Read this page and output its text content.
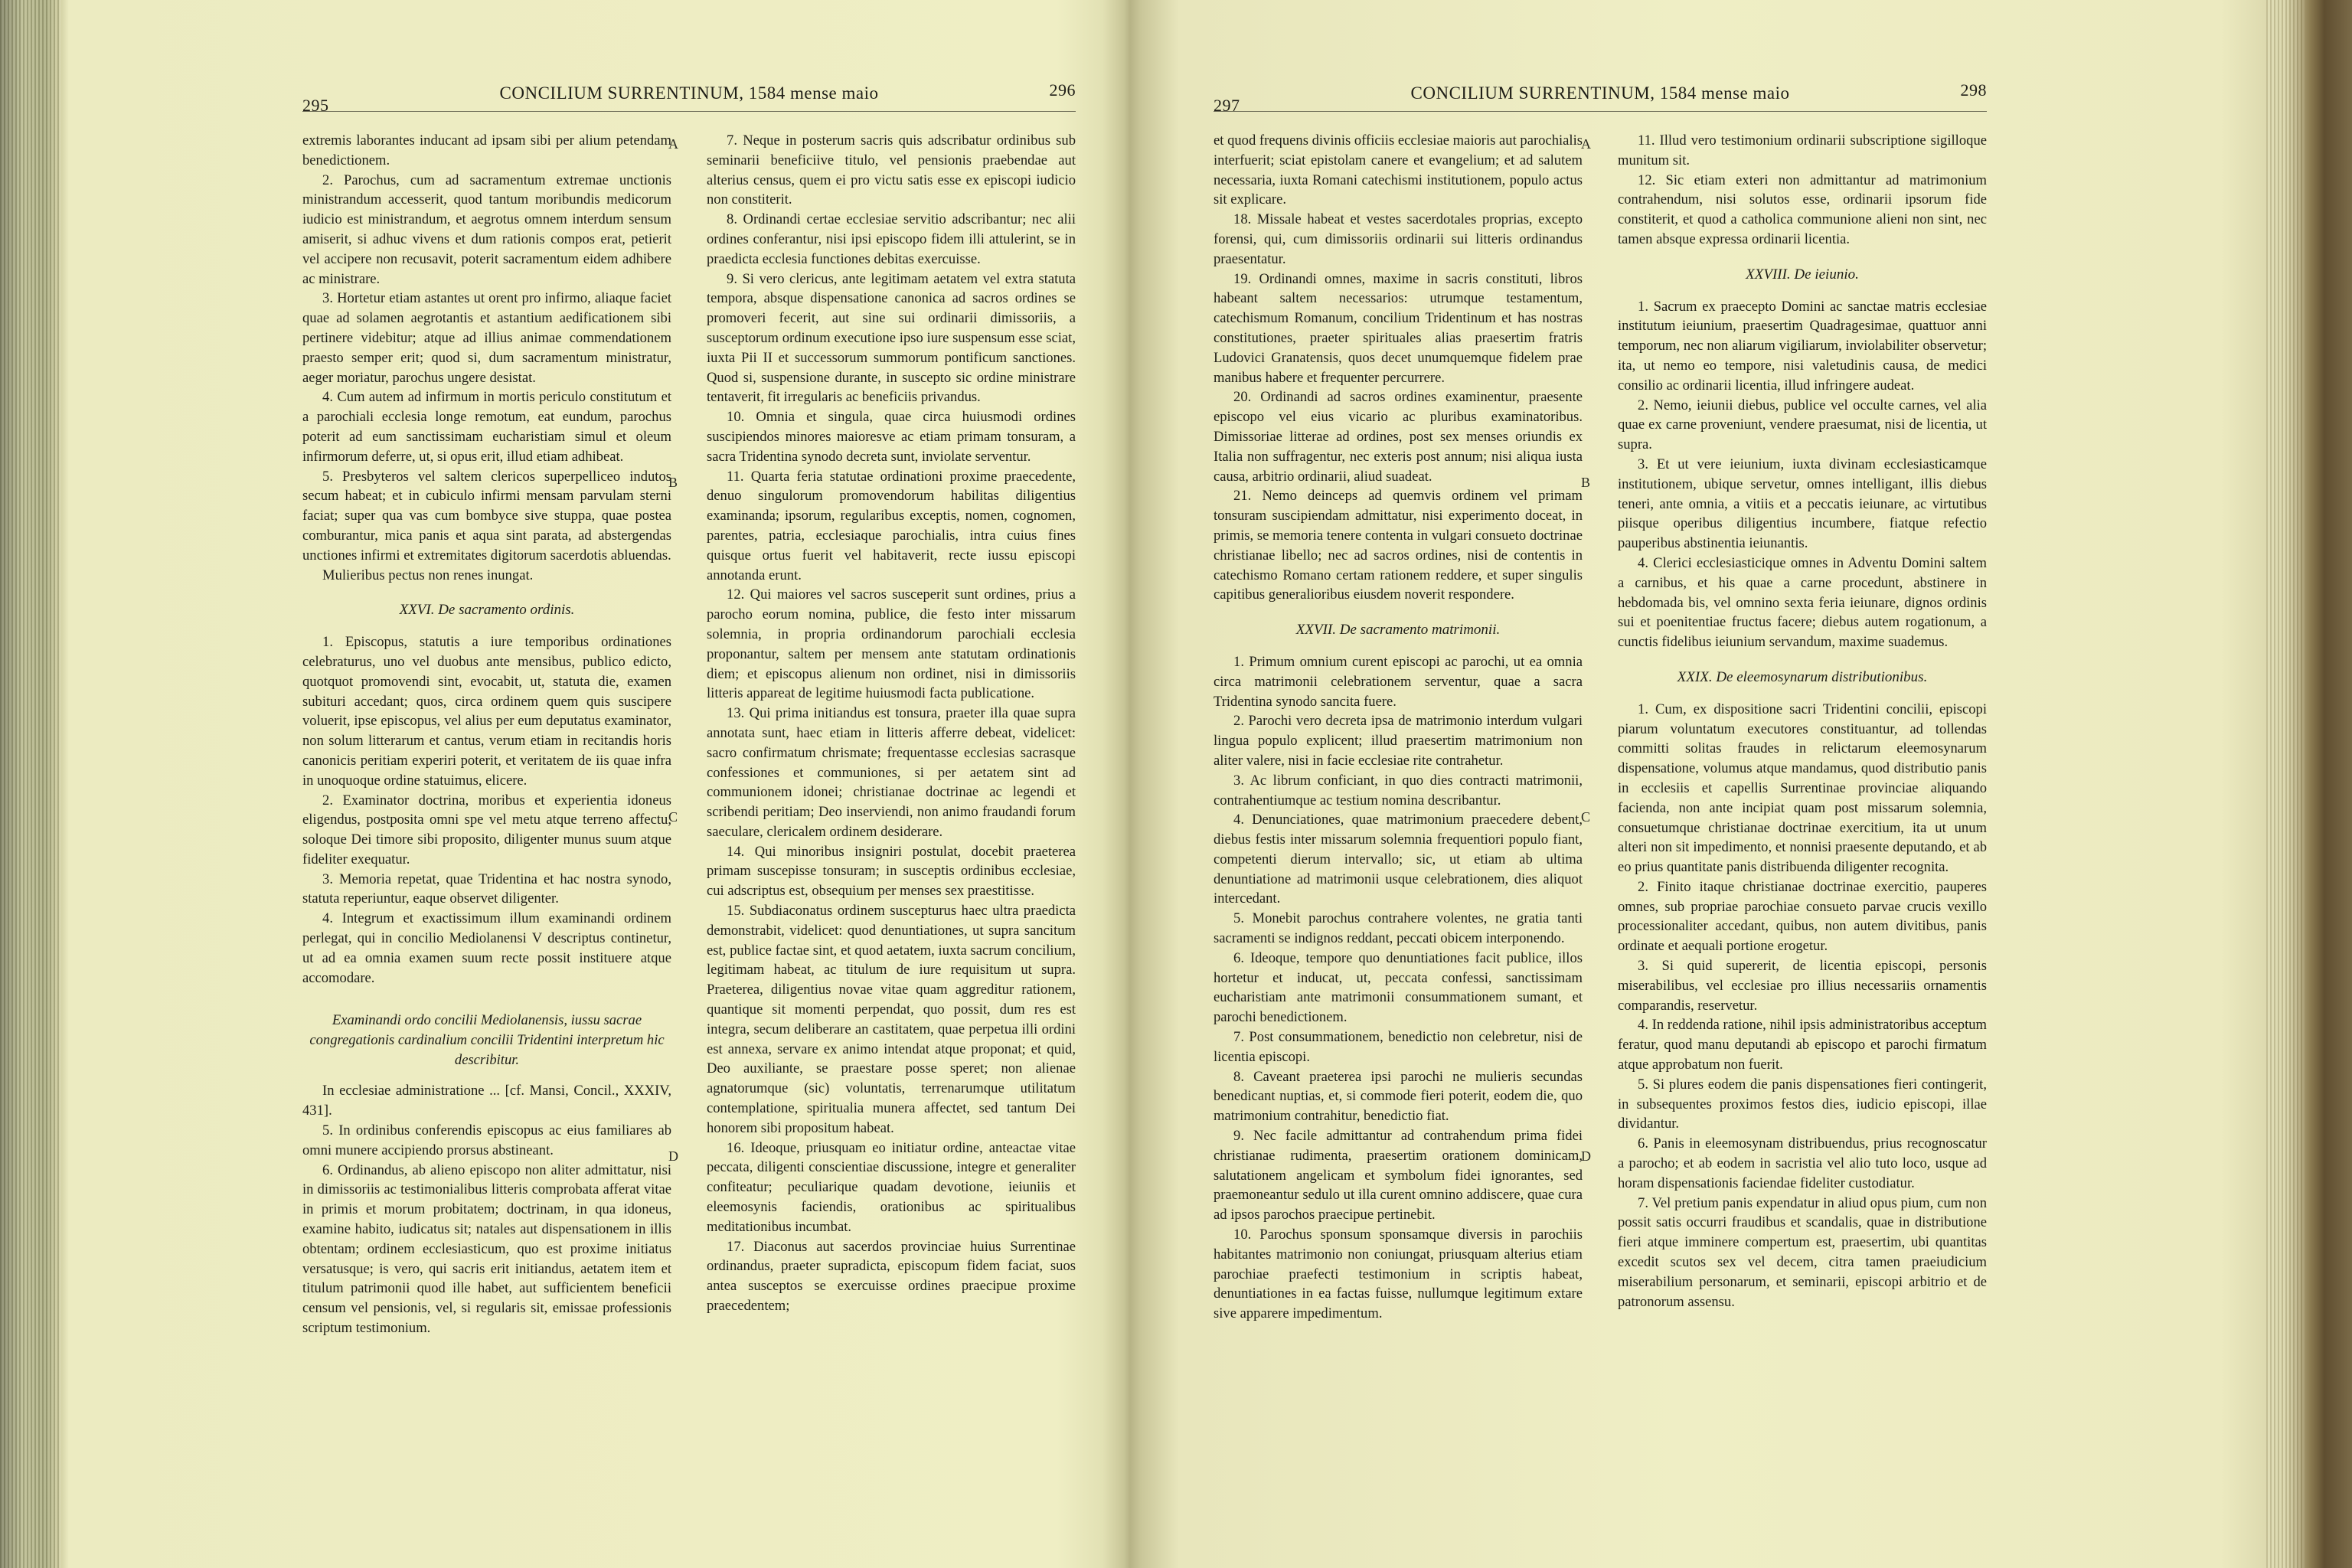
295
CONCILIUM SURRENTINUM, 1584 mense maio	296

extremis laborantes inducant ad ipsam sibi per alium petendam benedictionem.

2. Parochus, cum ad sacramentum extremae unctionis ministrandum accesserit, quod tantum moribundis medicorum iudicio est ministrandum, et aegrotus omnem interdum sensum amiserit, si adhuc vivens et dum rationis compos erat, petierit vel accipere non recusavit, poterit sacramentum eidem adhibere ac ministrare.

3. Hortetur etiam astantes ut orent pro infirmo, aliaque faciet quae ad solamen aegrotantis et astantium aedificationem sibi pertinere videbitur; atque ad illius animae commendationem praesto semper erit; quod si, dum sacramentum ministratur, aeger moriatur, parochus ungere desistat.

4. Cum autem ad infirmum in mortis periculo constitutum et a parochiali ecclesia longe remotum, eat eundum, parochus poterit ad eum sanctissimam eucharistiam simul et oleum infirmorum deferre, ut, si opus erit, illud etiam adhibeat.

5. Presbyteros vel saltem clericos superpelliceo indutos secum habeat; et in cubiculo infirmi mensam parvulam sterni faciat; super qua vas cum bombyce sive stuppa, quae postea comburantur, mica panis et aqua sint parata, ad abstergendas unctiones infirmi et extremitates digitorum sacerdotis abluendas.

Mulieribus pectus non renes inungat.

XXVI. De sacramento ordinis.

1. Episcopus, statutis a iure temporibus ordinationes celebraturus, uno vel duobus ante mensibus, publico edicto, quotquot promovendi sint, evocabit, ut, statuta die, examen subituri accedant; quos, circa ordinem quem quis suscipere voluerit, ipse episcopus, vel alius per eum deputatus examinator, non solum litterarum et cantus, verum etiam in recitandis horis canonicis peritiam experiri poterit, et veritatem de iis quae infra in unoquoque ordine statuimus, elicere.

2. Examinator doctrina, moribus et experientia idoneus eligendus, postposita omni spe vel metu atque terreno affectu, soloque Dei timore sibi proposito, diligenter munus suum atque fideliter exequatur.

3. Memoria repetat, quae Tridentina et hac nostra synodo, statuta reperiuntur, eaque observet diligenter.

4. Integrum et exactissimum illum examinandi ordinem perlegat, qui in concilio Mediolanensi V descriptus continetur, ut ad ea omnia examen suum recte possit instituere atque accomodare.

Examinandi ordo concilii Mediolanensis, iussu sacrae congregationis cardinalium concilii Tridentini interpretum hic describitur.

In ecclesiae administratione ... [cf. Mansi, Concil., XXXIV, 431].

5. In ordinibus conferendis episcopus ac eius familiares ab omni munere accipiendo prorsus abstineant.

6. Ordinandus, ab alieno episcopo non aliter admittatur, nisi in dimissoriis ac testimonialibus litteris comprobata afferat vitae in primis et morum probitatem; doctrinam, in qua idoneus, examine habito, iudicatus sit; natales aut dispensationem in illis obtentam; ordinem ecclesiasticum, quo est proxime initiatus versatusque; is vero, qui sacris erit initiandus, aetatem item et titulum patrimonii quod ille habet, aut sufficientem beneficii censum vel pensionis, vel, si regularis sit, emissae professionis scriptum testimonium.

7. Neque in posterum sacris quis adscribatur ordinibus sub seminarii beneficiive titulo, vel pensionis praebendae aut alterius census, quem ei pro victu satis esse ex episcopi iudicio non constiterit.

8. Ordinandi certae ecclesiae servitio adscribantur; nec alii ordines conferantur, nisi ipsi episcopo fidem illi attulerint, se in praedicta ecclesia functiones debitas exercuisse.

9. Si vero clericus, ante legitimam aetatem vel extra statuta tempora, absque dispensatione canonica ad sacros ordines se promoveri fecerit, aut sine sui ordinarii dimissoriis, a susceptorum ordinum executione ipso iure suspensum esse sciat, iuxta Pii II et successorum summorum pontificum sanctiones. Quod si, suspensione durante, in suscepto sic ordine ministrare tentaverit, fit irregularis ac beneficiis privandus.

10. Omnia et singula, quae circa huiusmodi ordines suscipiendos minores maioresve ac etiam primam tonsuram, a sacra Tridentina synodo decreta sunt, inviolate serventur.

11. Quarta feria statutae ordinationi proxime praecedente, denuo singulorum promovendorum habilitas diligentius examinanda; ipsorum, regularibus exceptis, nomen, cognomen, parentes, patria, ecclesiaque parochialis, intra cuius fines quisque ortus fuerit vel habitaverit, recte iussu episcopi annotanda erunt.

12. Qui maiores vel sacros susceperit sunt ordines, prius a parocho eorum nomina, publice, die festo inter missarum solemnia, in propria ordinandorum parochiali ecclesia proponantur, saltem per mensem ante statutam ordinationis diem; et episcopus alienum non ordinet, nisi in dimissoriis litteris appareat de legitime huiusmodi facta publicatione.

13. Qui prima initiandus est tonsura, praeter illa quae supra annotata sunt, haec etiam in litteris afferre debeat, videlicet: sacro confirmatum chrismate; frequentasse ecclesias sacrasque confessiones et communiones, si per aetatem sint ad communionem idonei; christianae doctrinae ac legendi et scribendi peritiam; Deo inserviendi, non animo fraudandi forum saeculare, clericalem ordinem desiderare.

14. Qui minoribus insigniri postulat, docebit praeterea primam suscepisse tonsuram; in susceptis ordinibus ecclesiae, cui adscriptus est, obsequium per menses sex praestitisse.

15. Subdiaconatus ordinem suscepturus haec ultra praedicta demonstrabit, videlicet: quod denuntiationes, ut supra sancitum est, publice factae sint, et quod aetatem, iuxta sacrum concilium, legitimam habeat, ac titulum de iure requisitum ut supra. Praeterea, diligentius novae vitae quam aggreditur rationem, quantique sit momenti perpendat, quo possit, dum res est integra, secum deliberare an castitatem, quae perpetua illi ordini est annexa, servare ex animo intendat atque proponat; et quid, Deo auxiliante, se praestare posse speret; non alienae agnatorumque (sic) voluntatis, terrenarumque utilitatum contemplatione, spiritualia munera affectet, sed tantum Dei honorem sibi propositum habeat.

16. Ideoque, priusquam eo initiatur ordine, anteactae vitae peccata, diligenti conscientiae discussione, integre et generaliter confiteatur; peculiarique quadam devotione, ieiuniis et eleemosynis faciendis, orationibus ac spiritualibus meditationibus incumbat.

17. Diaconus aut sacerdos provinciae huius Surrentinae ordinandus, praeter supradicta, episcopum fidem faciat, suos antea susceptos se exercuisse ordines praecipue proxime praecedentem;

A
B
C
D
297
CONCILIUM SURRENTINUM, 1584 mense maio	298

et quod frequens divinis officiis ecclesiae maioris aut parochialis interfuerit; sciat epistolam canere et evangelium; et ad salutem necessaria, iuxta Romani catechismi institutionem, populo actus sit explicare.

18. Missale habeat et vestes sacerdotales proprias, excepto forensi, qui, cum dimissoriis ordinarii sui litteris ordinandus praesentatur.

19. Ordinandi omnes, maxime in sacris constituti, libros habeant saltem necessarios: utrumque testamentum, catechismum Romanum, concilium Tridentinum et has nostras constitutiones, praeter spirituales alias praesertim fratris Ludovici Granatensis, quos decet unumquemque fidelem prae manibus habere et frequenter percurrere.

20. Ordinandi ad sacros ordines examinentur, praesente episcopo vel eius vicario ac pluribus examinatoribus. Dimissoriae litterae ad ordines, post sex menses oriundis ex Italia non suffragentur, nec exteris post annum; nisi aliqua iusta causa, arbitrio ordinarii, aliud suadeat.

21. Nemo deinceps ad quemvis ordinem vel primam tonsuram suscipiendam admittatur, nisi experimento doceat, in primis, se memoria tenere contenta in vulgari consueto doctrinae christianae libello; nec ad sacros ordines, nisi de contentis in catechismo Romano certam rationem reddere, et super singulis capitibus generalioribus eiusdem noverit respondere.

XXVII. De sacramento matrimonii.

1. Primum omnium curent episcopi ac parochi, ut ea omnia circa matrimonii celebrationem serventur, quae a sacra Tridentina synodo sancita fuere.

2. Parochi vero decreta ipsa de matrimonio interdum vulgari lingua populo explicent; illud praesertim matrimonium non aliter valere, nisi in facie ecclesiae rite contrahetur.

3. Ac librum conficiant, in quo dies contracti matrimonii, contrahentiumque ac testium nomina describantur.

4. Denunciationes, quae matrimonium praecedere debent, diebus festis inter missarum solemnia frequentiori populo fiant, competenti dierum intervallo; sic, ut etiam ab ultima denuntiatione ad matrimonii usque celebrationem, dies aliquot intercedant.

5. Monebit parochus contrahere volentes, ne gratia tanti sacramenti se indignos reddant, peccati obicem interponendo.

6. Ideoque, tempore quo denuntiationes facit publice, illos hortetur et inducat, ut, peccata confessi, sanctissimam eucharistiam ante matrimonii consummationem sumant, et parochi benedictionem.

7. Post consummationem, benedictio non celebretur, nisi de licentia episcopi.

8. Caveant praeterea ipsi parochi ne mulieris secundas benedicant nuptias, et, si commode fieri poterit, eodem die, quo matrimonium contrahitur, benedictio fiat.

9. Nec facile admittantur ad contrahendum prima fidei christianae rudimenta, praesertim orationem dominicam, salutationem angelicam et symbolum fidei ignorantes, sed praemoneantur sedulo ut illa curent omnino addiscere, quae cura ad ipsos parochos praecipue pertinebit.

10. Parochus sponsum sponsamque diversis in parochiis habitantes matrimonio non coniungat, priusquam alterius etiam parochiae praefecti testimonium in scriptis habeat, denuntiationes in ea factas fuisse, nullumque legitimum extare sive apparere impedimentum.

11. Illud vero testimonium ordinarii subscriptione sigilloque munitum sit.

12. Sic etiam exteri non admittantur ad matrimonium contrahendum, nisi solutos esse, ordinarii ipsorum fide constiterit, et quod a catholica communione alieni non sint, nec tamen absque expressa ordinarii licentia.

XXVIII. De ieiunio.

1. Sacrum ex praecepto Domini ac sanctae matris ecclesiae institutum ieiunium, praesertim Quadragesimae, quattuor anni temporum, nec non aliarum vigiliarum, inviolabiliter observetur; ita, ut nemo eo tempore, nisi valetudinis causa, de medici consilio ac ordinarii licentia, illud infringere audeat.

2. Nemo, ieiunii diebus, publice vel occulte carnes, vel alia quae ex carne proveniunt, vendere praesumat, nisi de licentia, ut supra.

3. Et ut vere ieiunium, iuxta divinam ecclesiasticamque institutionem, ubique servetur, omnes intelligant, illis diebus teneri, ante omnia, a vitiis et a peccatis ieiunare, ac virtutibus piisque operibus diligentius incumbere, fiatque refectio pauperibus abstinentia ieiunantis.

4. Clerici ecclesiasticique omnes in Adventu Domini saltem a carnibus, et his quae a carne procedunt, abstinere in hebdomada bis, vel omnino sexta feria ieiunare, dignos ordinis sui et poenitentiae fructus facere; diebus autem rogationum, a cunctis fidelibus ieiunium servandum, maxime suademus.

XXIX. De eleemosynarum distributionibus.

1. Cum, ex dispositione sacri Tridentini concilii, episcopi piarum voluntatum executores constituantur, ad tollendas committi solitas fraudes in relictarum eleemosynarum dispensatione, volumus atque mandamus, quod distributio panis in ecclesiis et capellis Surrentinae provinciae aliquando facienda, non ante incipiat quam post missarum solemnia, consuetumque christianae doctrinae exercitium, ita ut unum alteri non sit impedimento, et nonnisi praesente deputando, et ab eo prius quantitate panis distribuenda diligenter recognita.

2. Finito itaque christianae doctrinae exercitio, pauperes omnes, sub propriae parochiae consueto parvae crucis vexillo processionaliter accedant, quibus, non autem divitibus, panis ordinate et aequali portione erogetur.

3. Si quid supererit, de licentia episcopi, personis miserabilibus, vel ecclesiae pro illius necessariis ornamentis comparandis, reservetur.

4. In reddenda ratione, nihil ipsis administratoribus acceptum feratur, quod manu deputandi ab episcopo et parochi firmatum atque approbatum non fuerit.

5. Si plures eodem die panis dispensationes fieri contingerit, in subsequentes proximos festos dies, iudicio episcopi, illae dividantur.

6. Panis in eleemosynam distribuendus, prius recognoscatur a parocho; et ab eodem in sacristia vel alio tuto loco, usque ad horam dispensationis faciendae fideliter custodiatur.

7. Vel pretium panis expendatur in aliud opus pium, cum non possit satis occurri fraudibus et scandalis, quae in distributione fieri atque imminere compertum est, praesertim, ubi quantitas excedit scutos sex vel decem, citra tamen praeiudicium miserabilium personarum, et seminarii, episcopi arbitrio et de patronorum assensu.

A
B
C
D
